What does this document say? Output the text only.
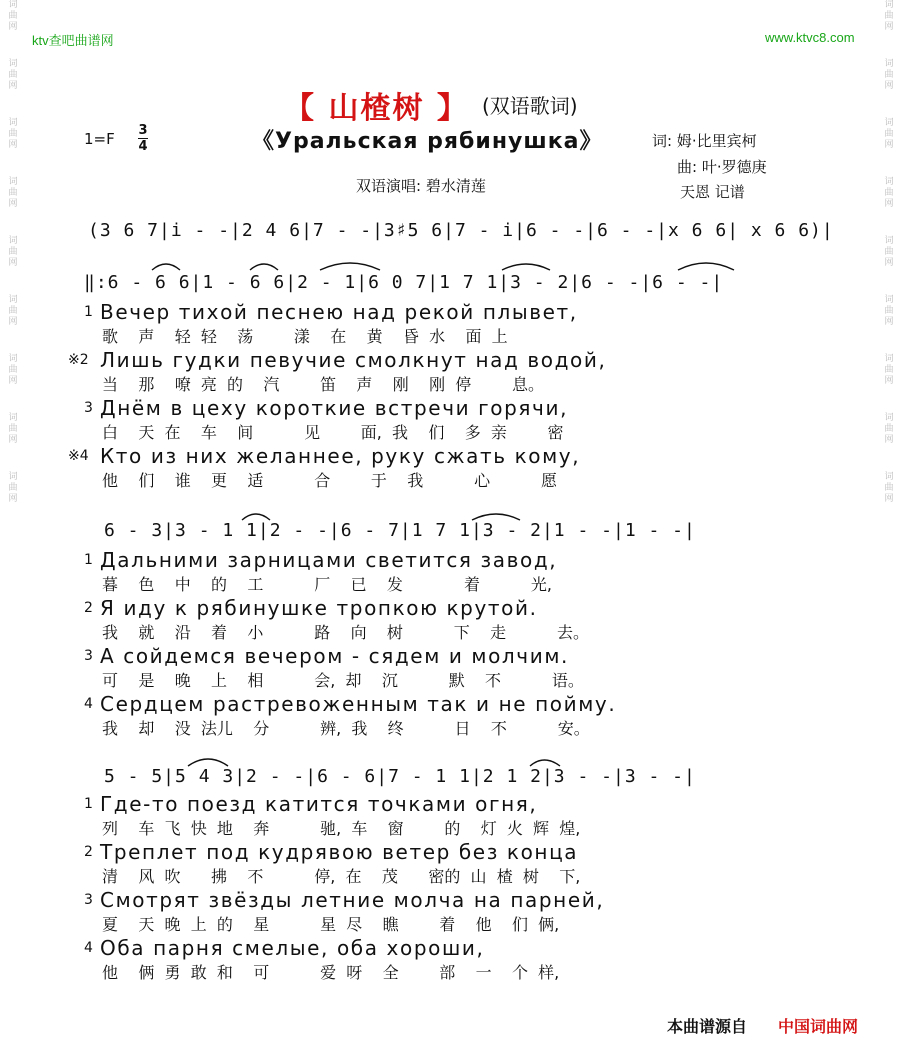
词
曲
网
词
曲
网
词
曲
网
词
曲
网
词
曲
网
词
曲
网
词
曲
网
词
曲
网
词
曲
网
词
曲
网
词
曲
网
词
曲
网
词
曲
网
词
曲
网
词
曲
网
词
曲
网
词
曲
网
词
曲
网
ktv查吧曲谱网	www.ktvc8.com
【 山楂树 】 (双语歌词)
1=F 3
4	《Уральская рябинушка》	词: 姆·比里宾柯
曲: 叶·罗德庚
双语演唱: 碧水清莲	天恩 记谱
(3 6 7|i - -|2 4 6|7 - -|3♯5 6|7 - i|6 - -|6 - -|x 6 6| x 6 6)|
‖:6 - 6 6|1 - 6 6|2 - 1|6 0 7|1 7 1|3 - 2|6 - -|6 - -|
1 Вечер тихой песнею над рекой плывет,
歌    声    轻  轻    荡        漾    在    黄    昏  水    面  上
※2 Лишь гудки певучие смолкнут над водой,
当    那    嘹  亮  的    汽        笛    声    刚    刚  停        息。
3 Днём в цеху короткие встречи горячи,
白    天  在    车    间          见        面,  我    们    多  亲        密
※4 Кто из них желаннее, руку сжать кому,
他    们    谁    更    适          合        于    我          心          愿
6 - 3|3 - 1 1|2 - -|6 - 7|1 7 1|3 - 2|1 - -|1 - -|
1 Дальними зарницами светится завод,
暮    色    中    的    工          厂    已    发            着          光,
2 Я иду к рябинушке тропкою крутой.
我    就    沿    着    小          路    向    树          下    走          去。
3 А сойдемся вечером - сядем и молчим.
可    是    晚    上    相          会,  却    沉          默    不          语。
4 Сердцем растревоженным так и не пойму.
我    却    没  法儿    分          辨,  我    终          日    不          安。
5 - 5|5 4 3|2 - -|6 - 6|7 - 1 1|2 1 2|3 - -|3 - -|
1 Где-то поезд катится точками огня,
列    车  飞  快  地    奔          驰,  车    窗        的    灯  火  辉  煌,
2 Треплет под кудрявою ветер без конца
清    风  吹      拂    不          停,  在    茂      密的  山  楂  树    下,
3 Смотрят звёзды летние молча на парней,
夏    天  晚  上  的    星          星  尽    瞧        着    他    们  俩,
4 Оба парня смелые, оба хороши,
他    俩  勇  敢  和    可          爱  呀    全        部    一    个  样,
本曲谱源自 中国词曲网
